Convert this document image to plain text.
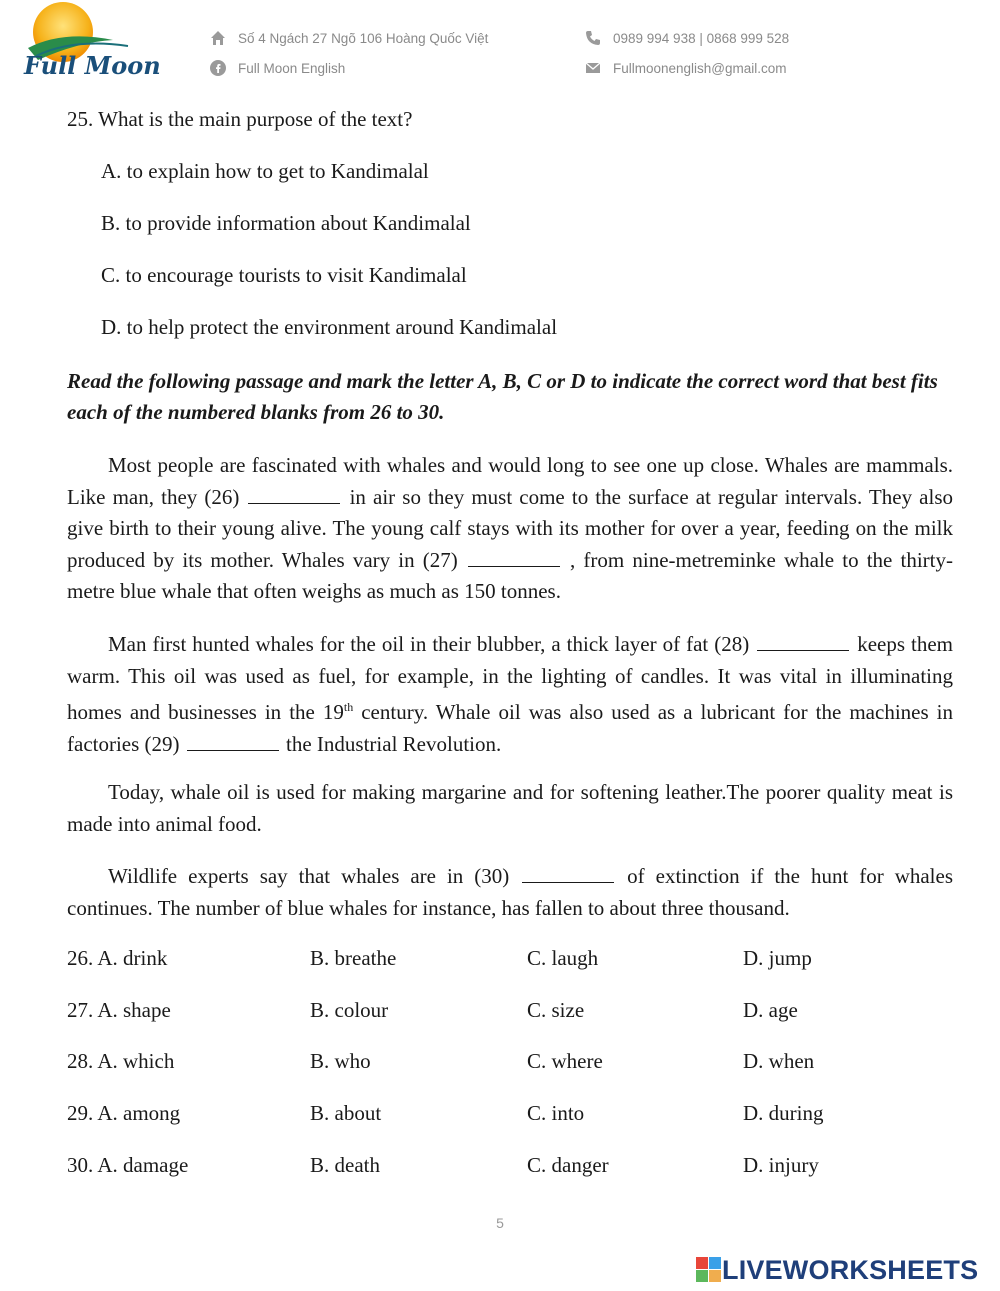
Full Moon
Số 4 Ngách 27 Ngõ 106 Hoàng Quốc Việt	0989 994 938 | 0868 999 528
Full Moon English	Fullmoonenglish@gmail.com
25. What is the main purpose of the text?
A. to explain how to get to Kandimalal
B. to provide information about Kandimalal
C. to encourage tourists to visit Kandimalal
D. to help protect the environment around Kandimalal
Read the following passage and mark the letter A, B, C or D to indicate the correct word that best fits each of the numbered blanks from 26 to 30.

Most people are fascinated with whales and would long to see one up close. Whales are mammals. Like man, they (26)	in air so they must come to the surface at regular intervals. They also give birth to their young alive. The young calf stays with its mother for over a year, feeding on the milk produced by its mother. Whales vary in (27)	, from nine-metreminke whale to the thirty-metre blue whale that often weighs as much as 150 tonnes.

Man first hunted whales for the oil in their blubber, a thick layer of fat (28)	keeps them warm. This oil was used as fuel, for example, in the lighting of candles. It was vital in illuminating homes and businesses in the 19th century. Whale oil was also used as a lubricant for the machines in factories (29)	the Industrial Revolution.

Today, whale oil is used for making margarine and for softening leather.The poorer quality meat is made into animal food.

Wildlife experts say that whales are in (30)	of extinction if the hunt for whales continues. The number of blue whales for instance, has fallen to about three thousand.

26. A. drink	B. breathe	C. laugh	D. jump
27. A. shape	B. colour	C. size	D. age
28. A. which	B. who	C. where	D. when
29. A. among	B. about	C. into	D. during
30. A. damage	B. death	C. danger	D. injury
5
LIVEWORKSHEETS
